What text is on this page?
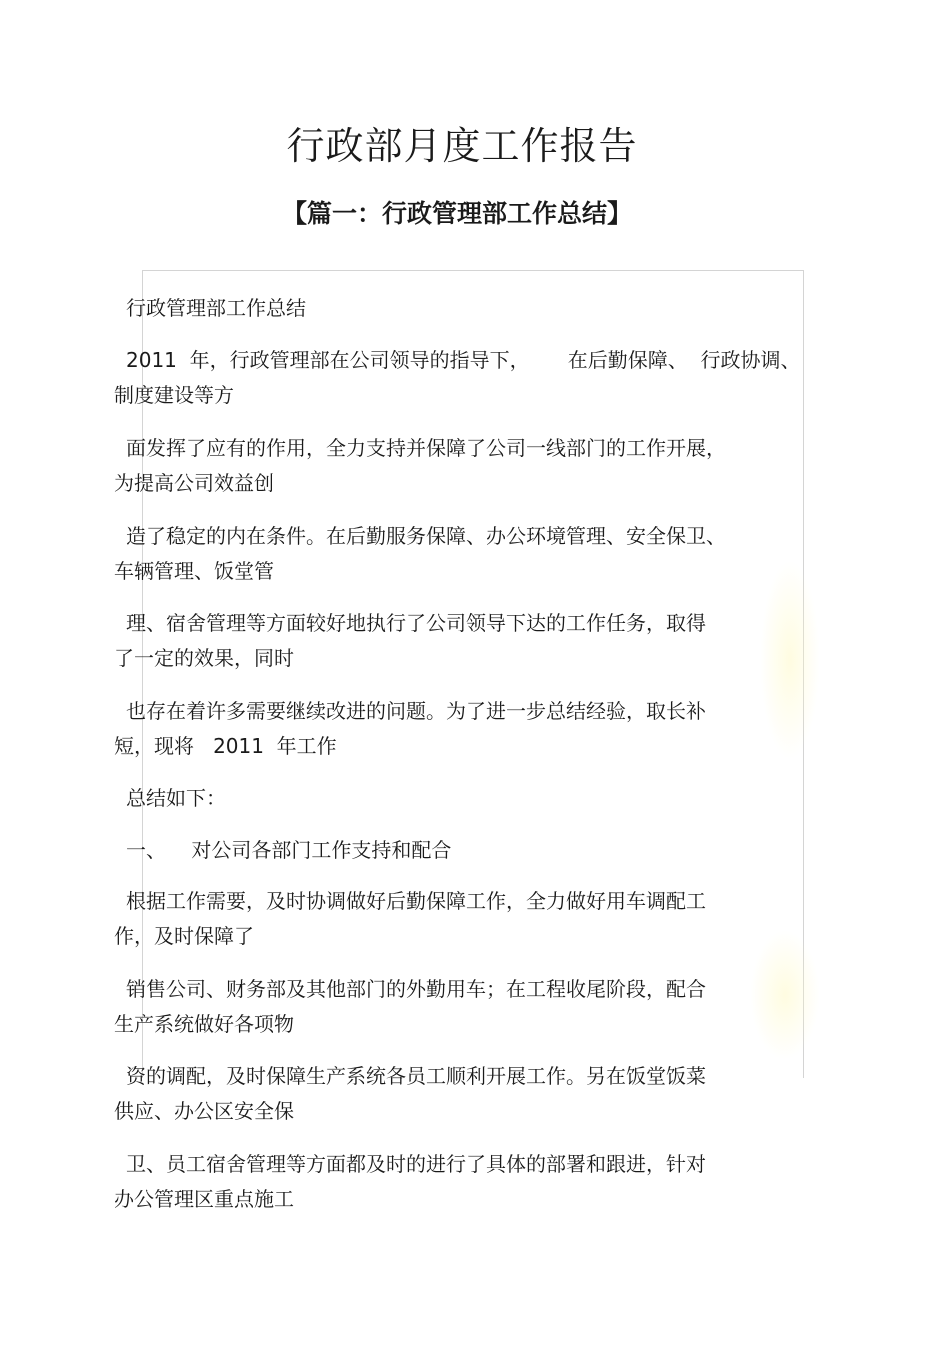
行政部月度工作报告
【篇一：行政管理部工作总结】
行政管理部工作总结
2011  年，行政管理部在公司领导的指导下，      在后勤保障、  行政协调、
制度建设等方
面发挥了应有的作用，全力支持并保障了公司一线部门的工作开展，
为提高公司效益创
造了稳定的内在条件。在后勤服务保障、办公环境管理、安全保卫、
车辆管理、饭堂管
理、宿舍管理等方面较好地执行了公司领导下达的工作任务，取得
了一定的效果，同时
也存在着许多需要继续改进的问题。为了进一步总结经验，取长补
短，现将   2011  年工作
总结如下：
一、    对公司各部门工作支持和配合
根据工作需要，及时协调做好后勤保障工作，全力做好用车调配工
作，及时保障了
销售公司、财务部及其他部门的外勤用车；在工程收尾阶段，配合
生产系统做好各项物
资的调配，及时保障生产系统各员工顺利开展工作。另在饭堂饭菜
供应、办公区安全保
卫、员工宿舍管理等方面都及时的进行了具体的部署和跟进，针对
办公管理区重点施工
